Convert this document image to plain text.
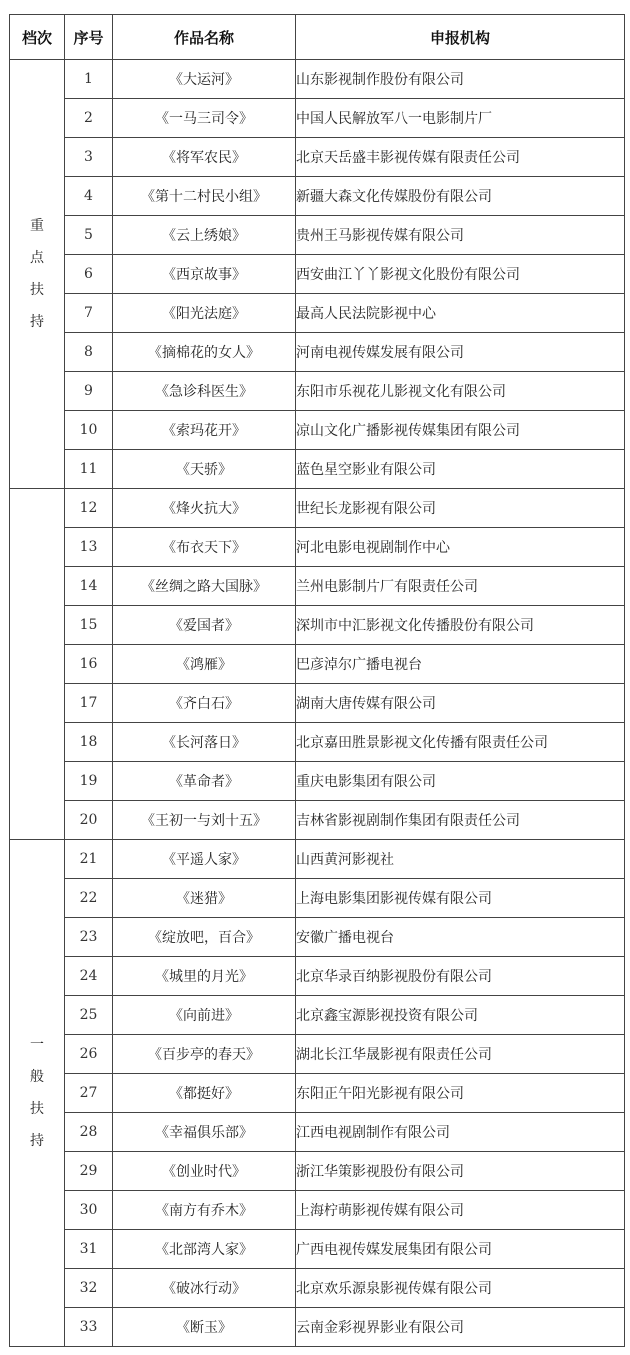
档次	序号	作品名称	申报机构

重
点
扶
持	1	《大运河》	山东影视制作股份有限公司
	2	《一马三司令》	中国人民解放军八一电影制片厂
	3	《将军农民》	北京天岳盛丰影视传媒有限责任公司
	4	《第十二村民小组》	新疆大森文化传媒股份有限公司
	5	《云上绣娘》	贵州王马影视传媒有限公司
	6	《西京故事》	西安曲江丫丫影视文化股份有限公司
	7	《阳光法庭》	最高人民法院影视中心
	8	《摘棉花的女人》	河南电视传媒发展有限公司
	9	《急诊科医生》	东阳市乐视花儿影视文化有限公司
	10	《索玛花开》	凉山文化广播影视传媒集团有限公司
	11	《天骄》	蓝色星空影业有限公司
	12	《烽火抗大》	世纪长龙影视有限公司
	13	《布衣天下》	河北电影电视剧制作中心
	14	《丝绸之路大国脉》	兰州电影制片厂有限责任公司
	15	《爱国者》	深圳市中汇影视文化传播股份有限公司
	16	《鸿雁》	巴彦淖尔广播电视台
	17	《齐白石》	湖南大唐传媒有限公司
	18	《长河落日》	北京嘉田胜景影视文化传播有限责任公司
	19	《革命者》	重庆电影集团有限公司
	20	《王初一与刘十五》	吉林省影视剧制作集团有限责任公司

一
般
扶
持	21	《平遥人家》	山西黄河影视社
	22	《迷猎》	上海电影集团影视传媒有限公司
	23	《绽放吧，百合》	安徽广播电视台
	24	《城里的月光》	北京华录百纳影视股份有限公司
	25	《向前进》	北京鑫宝源影视投资有限公司
	26	《百步亭的春天》	湖北长江华晟影视有限责任公司
	27	《都挺好》	东阳正午阳光影视有限公司
	28	《幸福俱乐部》	江西电视剧制作有限公司
	29	《创业时代》	浙江华策影视股份有限公司
	30	《南方有乔木》	上海柠萌影视传媒有限公司
	31	《北部湾人家》	广西电视传媒发展集团有限公司
	32	《破冰行动》	北京欢乐源泉影视传媒有限公司
	33	《断玉》	云南金彩视界影业有限公司
